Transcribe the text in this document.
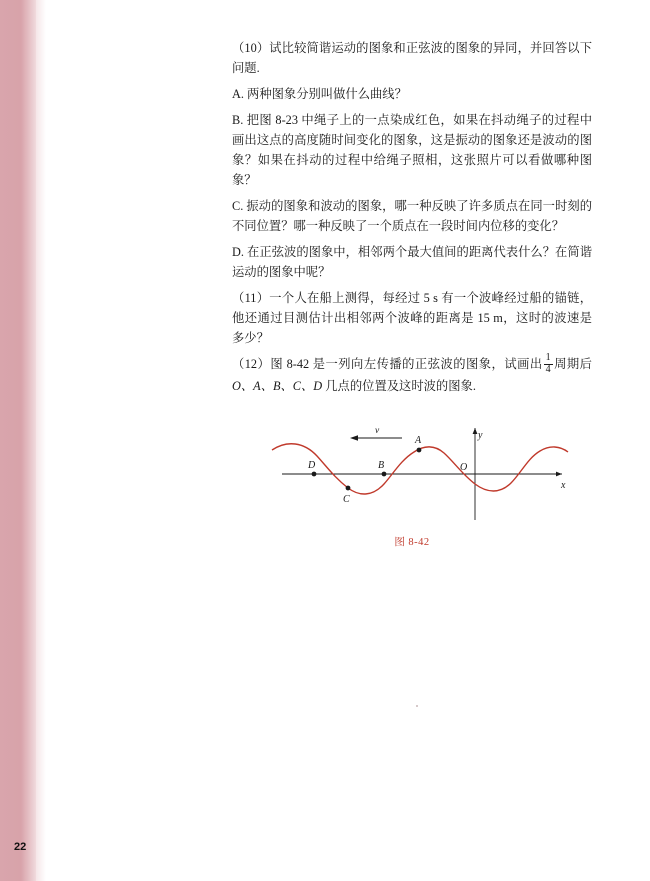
（10）试比较简谐运动的图象和正弦波的图象的异同，并回答以下问题.

A. 两种图象分别叫做什么曲线？

B. 把图 8-23 中绳子上的一点染成红色，如果在抖动绳子的过程中画出这点的高度随时间变化的图象，这是振动的图象还是波动的图象？如果在抖动的过程中给绳子照相，这张照片可以看做哪种图象？

C. 振动的图象和波动的图象，哪一种反映了许多质点在同一时刻的不同位置？哪一种反映了一个质点在一段时间内位移的变化？

D. 在正弦波的图象中，相邻两个最大值间的距离代表什么？在简谐运动的图象中呢？

（11）一个人在船上测得，每经过 5 s 有一个波峰经过船的锚链，他还通过目测估计出相邻两个波峰的距离是 15 m，这时的波速是多少？

（12）图 8-42 是一列向左传播的正弦波的图象，试画出 $\frac{1}{4}$ 周期后 O、A、B、C、D 几点的位置及这时波的图象.

v
D	B
A
C
O
y
x
图 8-42
22
